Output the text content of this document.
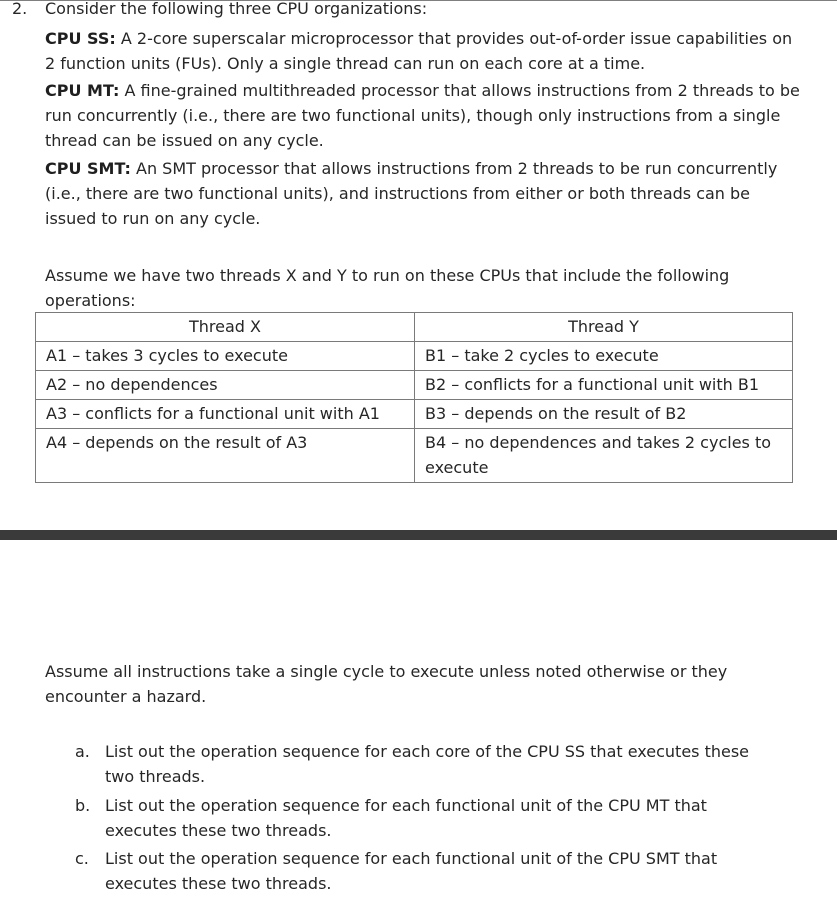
2. Consider the following three CPU organizations:

CPU SS: A 2-core superscalar microprocessor that provides out-of-order issue capabilities on 2 function units (FUs). Only a single thread can run on each core at a time.

CPU MT: A fine-grained multithreaded processor that allows instructions from 2 threads to be run concurrently (i.e., there are two functional units), though only instructions from a single thread can be issued on any cycle.

CPU SMT: An SMT processor that allows instructions from 2 threads to be run concurrently (i.e., there are two functional units), and instructions from either or both threads can be issued to run on any cycle.

Assume we have two threads X and Y to run on these CPUs that include the following operations:

Thread X	Thread Y
A1 – takes 3 cycles to execute	B1 – take 2 cycles to execute
A2 – no dependences	B2 – conflicts for a functional unit with B1
A3 – conflicts for a functional unit with A1	B3 – depends on the result of B2
A4 – depends on the result of A3	B4 – no dependences and takes 2 cycles to execute

Assume all instructions take a single cycle to execute unless noted otherwise or they encounter a hazard.

a. List out the operation sequence for each core of the CPU SS that executes these two threads.
b. List out the operation sequence for each functional unit of the CPU MT that executes these two threads.
c. List out the operation sequence for each functional unit of the CPU SMT that executes these two threads.
